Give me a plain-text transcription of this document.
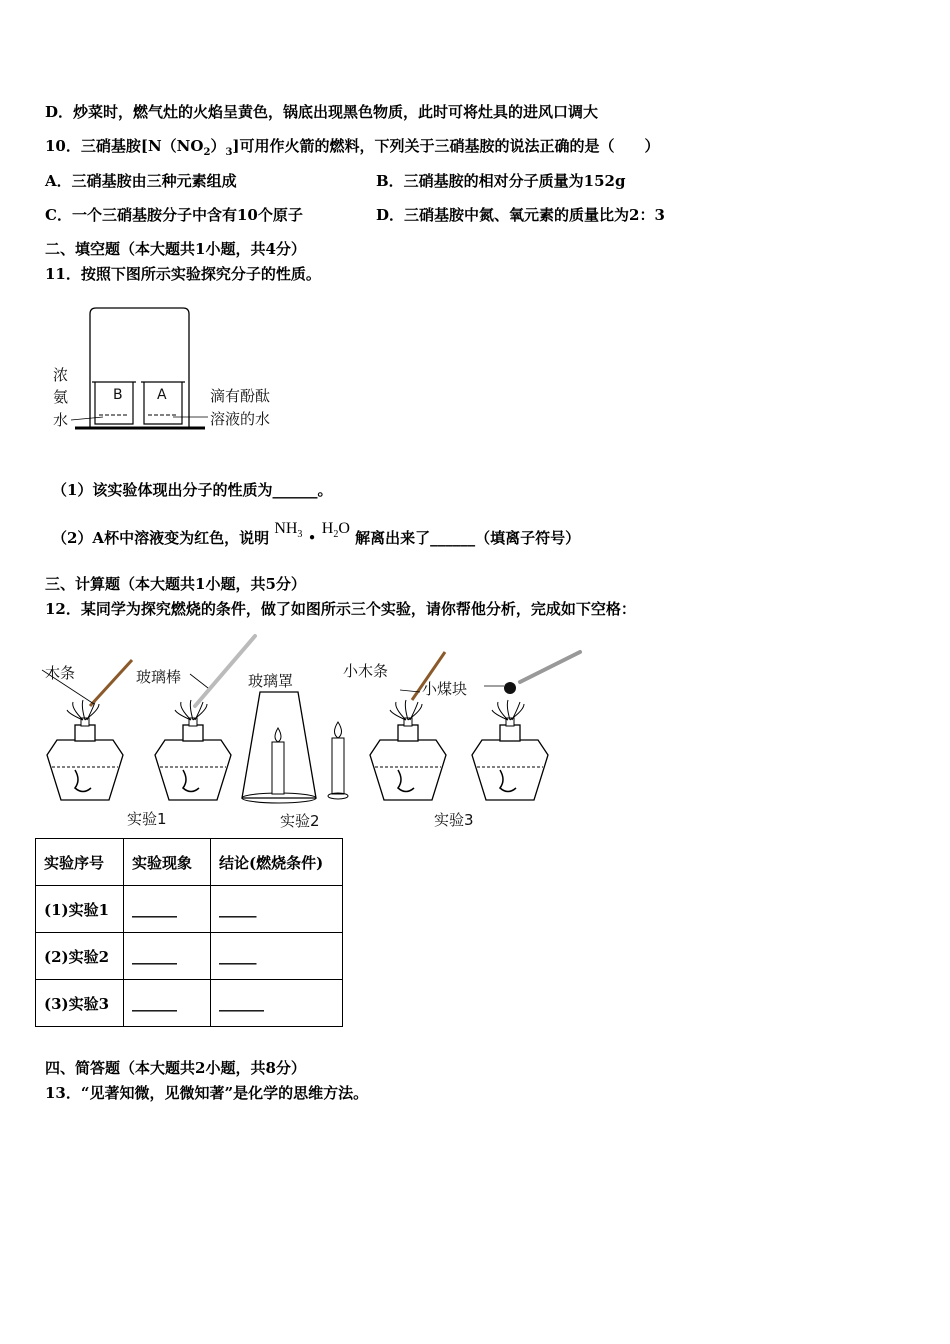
D．炒菜时，燃气灶的火焰呈黄色，锅底出现黑色物质，此时可将灶具的进风口调大
10．三硝基胺$[N(NO_2)_3]$可用作火箭的燃料，下列关于三硝基胺的说法正确的是（　　）
A．三硝基胺由三种元素组成	B．三硝基胺的相对分子质量为152g
C．一个三硝基胺分子中含有10个原子	D．三硝基胺中氮、氧元素的质量比为2：3
二、填空题（本大题共1小题，共4分）
11．按照下图所示实验探究分子的性质。
B A
浓
氨
水
滴有酚酞
溶液的水
（1）该实验体现出分子的性质为______。
（2）A杯中溶液变为红色，说明 $NH_3$ • $H_2O$ 解离出来了______（填离子符号）
三、计算题（本大题共1小题，共5分）
12．某同学为探究燃烧的条件，做了如图所示三个实验，请你帮他分析，完成如下空格：
木条	玻璃棒	玻璃罩
小木条
小煤块
实验1	实验2	实验3
实验序号	实验现象	结论(燃烧条件)
(1)实验1	______	_____
(2)实验2	______	_____
(3)实验3	______	______
四、简答题（本大题共2小题，共8分）
13．“见著知微，见微知著”是化学的思维方法。
